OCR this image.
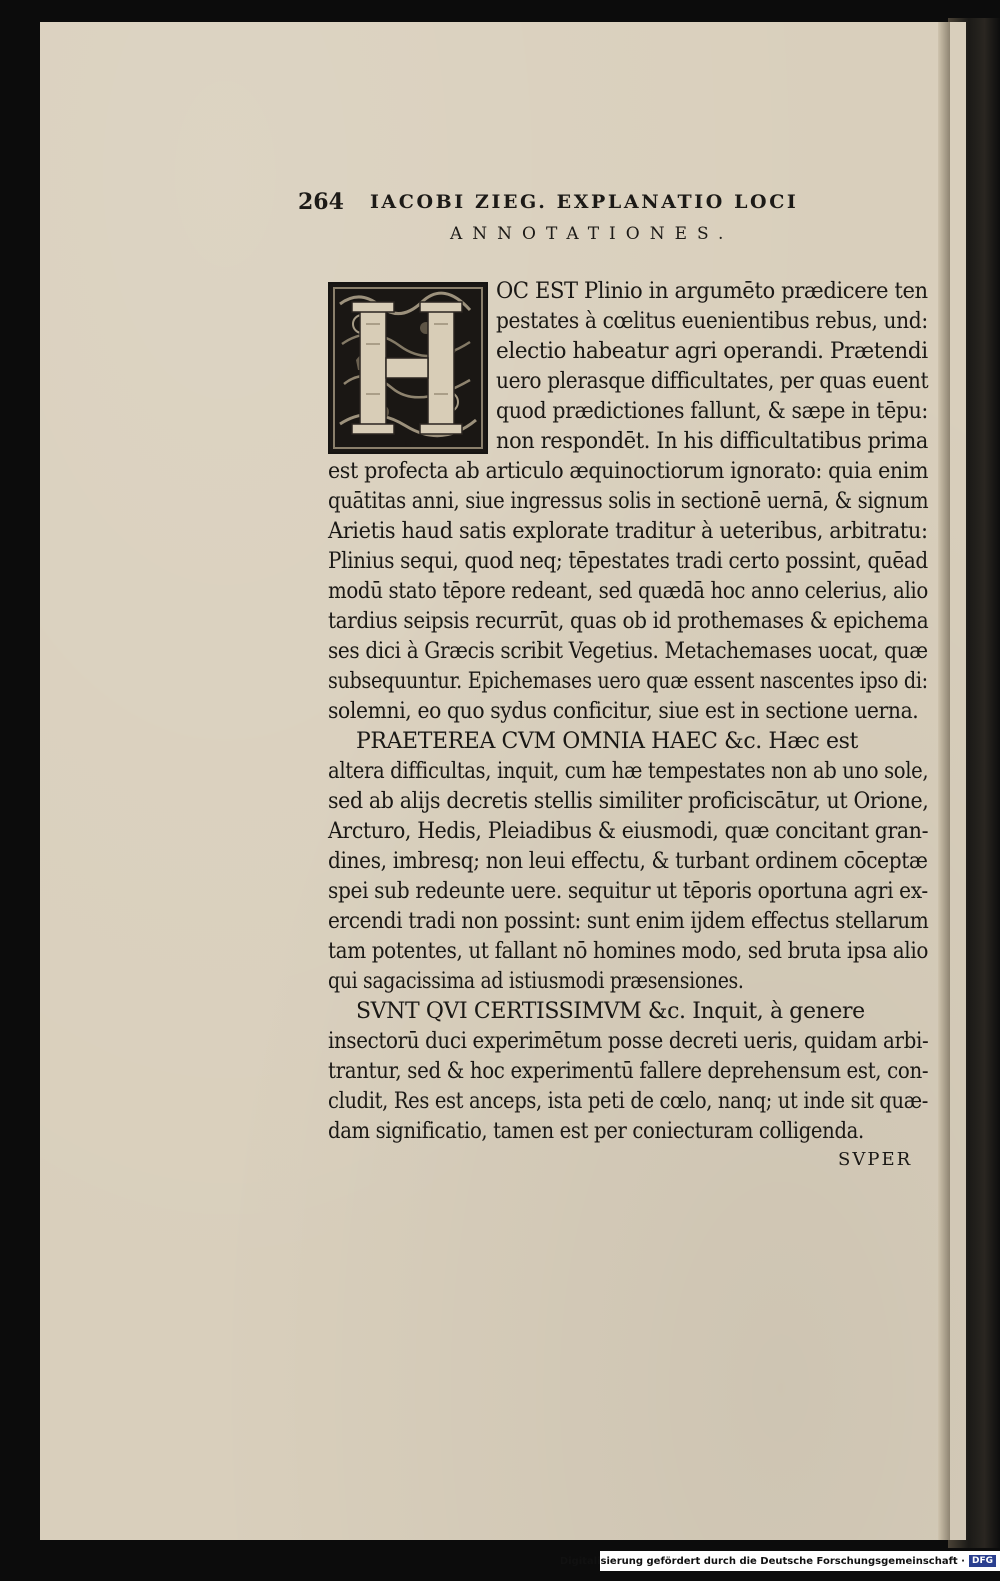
264 IACOBI ZIEG. EXPLANATIO LOCI
ANNOTATIONES.
H
OC EST Plinio in argumēto prædicere ten
pestates à cœlitus euenientibus rebus, und:
electio habeatur agri operandi. Prætendi
uero plerasque difficultates, per quas euent
quod prædictiones fallunt, & sæpe in tēpu:
non respondēt. In his difficultatibus prima
est profecta ab articulo æquinoctiorum ignorato: quia enim
quātitas anni, siue ingressus solis in sectionē uernā, & signum
Arietis haud satis explorate traditur à ueteribus, arbitratu:
Plinius sequi, quod neq; tēpestates tradi certo possint, quēad
modū stato tēpore redeant, sed quædā hoc anno celerius, alio
tardius seipsis recurrūt, quas ob id prothemases & epichema
ses dici à Græcis scribit Vegetius. Metachemases uocat, quæ
subsequuntur. Epichemases uero quæ essent nascentes ipso di:
solemni, eo quo sydus conficitur, siue est in sectione uerna.
PRAETEREA CVM OMNIA HAEC &c. Hæc est
altera difficultas, inquit, cum hæ tempestates non ab uno sole,
sed ab alijs decretis stellis similiter proficiscātur, ut Orione,
Arcturo, Hedis, Pleiadibus & eiusmodi, quæ concitant gran-
dines, imbresq; non leui effectu, & turbant ordinem cōceptæ
spei sub redeunte uere. sequitur ut tēporis oportuna agri ex-
ercendi tradi non possint: sunt enim ijdem effectus stellarum
tam potentes, ut fallant nō homines modo, sed bruta ipsa alio
qui sagacissima ad istiusmodi præsensiones.
SVNT QVI CERTISSIMVM &c. Inquit, à genere
insectorū duci experimētum posse decreti ueris, quidam arbi-
trantur, sed & hoc experimentū fallere deprehensum est, con-
cludit, Res est anceps, ista peti de cœlo, nanq; ut inde sit quæ-
dam significatio, tamen est per coniecturam colligenda.
SVPER
Digitalisierung gefördert durch die Deutsche Forschungsgemeinschaft · DFG
